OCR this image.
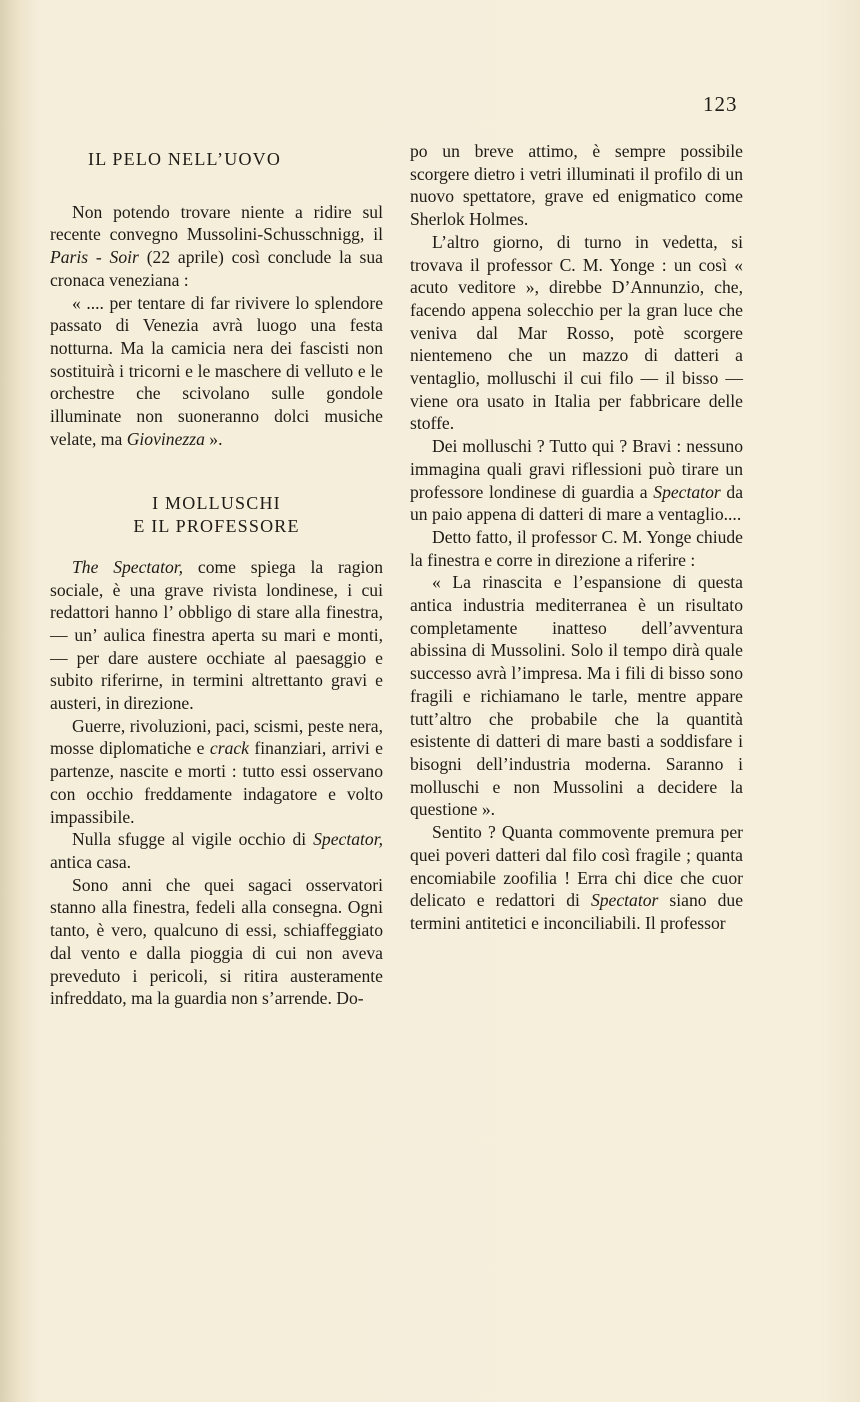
123

IL PELO NELL’UOVO

Non potendo trovare niente a ridire sul recente convegno Mussolini-Schusschnigg, il Paris - Soir (22 aprile) così conclude la sua cronaca veneziana :

« .... per tentare di far rivivere lo splendore passato di Venezia avrà luogo una festa notturna. Ma la camicia nera dei fascisti non sostituirà i tricorni e le maschere di velluto e le orchestre che scivolano sulle gondole illuminate non suoneranno dolci musiche velate, ma Giovinezza ».

I MOLLUSCHI

E IL PROFESSORE

The Spectator, come spiega la ragion sociale, è una grave rivista londinese, i cui redattori hanno l’ obbligo di stare alla finestra, — un’ aulica finestra aperta su mari e monti, — per dare austere occhiate al paesaggio e subito riferirne, in termini altrettanto gravi e austeri, in direzione.

Guerre, rivoluzioni, paci, scismi, peste nera, mosse diplomatiche e crack finanziari, arrivi e partenze, nascite e morti : tutto essi osservano con occhio freddamente indagatore e volto impassibile.

Nulla sfugge al vigile occhio di Spectator, antica casa.

Sono anni che quei sagaci osservatori stanno alla finestra, fedeli alla consegna. Ogni tanto, è vero, qualcuno di essi, schiaffeggiato dal vento e dalla pioggia di cui non aveva preveduto i pericoli, si ritira austeramente infreddato, ma la guardia non s’arrende. Do-

po un breve attimo, è sempre possibile scorgere dietro i vetri illuminati il profilo di un nuovo spettatore, grave ed enigmatico come Sherlok Holmes.

L’altro giorno, di turno in vedetta, si trovava il professor C. M. Yonge : un così « acuto veditore », direbbe D’Annunzio, che, facendo appena solecchio per la gran luce che veniva dal Mar Rosso, potè scorgere nientemeno che un mazzo di datteri a ventaglio, molluschi il cui filo — il bisso — viene ora usato in Italia per fabbricare delle stoffe.

Dei molluschi ? Tutto qui ? Bravi : nessuno immagina quali gravi riflessioni può tirare un professore londinese di guardia a Spectator da un paio appena di datteri di mare a ventaglio....

Detto fatto, il professor C. M. Yonge chiude la finestra e corre in direzione a riferire :

« La rinascita e l’espansione di questa antica industria mediterranea è un risultato completamente inatteso dell’avventura abissina di Mussolini. Solo il tempo dirà quale successo avrà l’impresa. Ma i fili di bisso sono fragili e richiamano le tarle, mentre appare tutt’altro che probabile che la quantità esistente di datteri di mare basti a soddisfare i bisogni dell’industria moderna. Saranno i molluschi e non Mussolini a decidere la questione ».

Sentito ? Quanta commovente premura per quei poveri datteri dal filo così fragile ; quanta encomiabile zoofilia ! Erra chi dice che cuor delicato e redattori di Spectator siano due termini antitetici e inconciliabili. Il professor
